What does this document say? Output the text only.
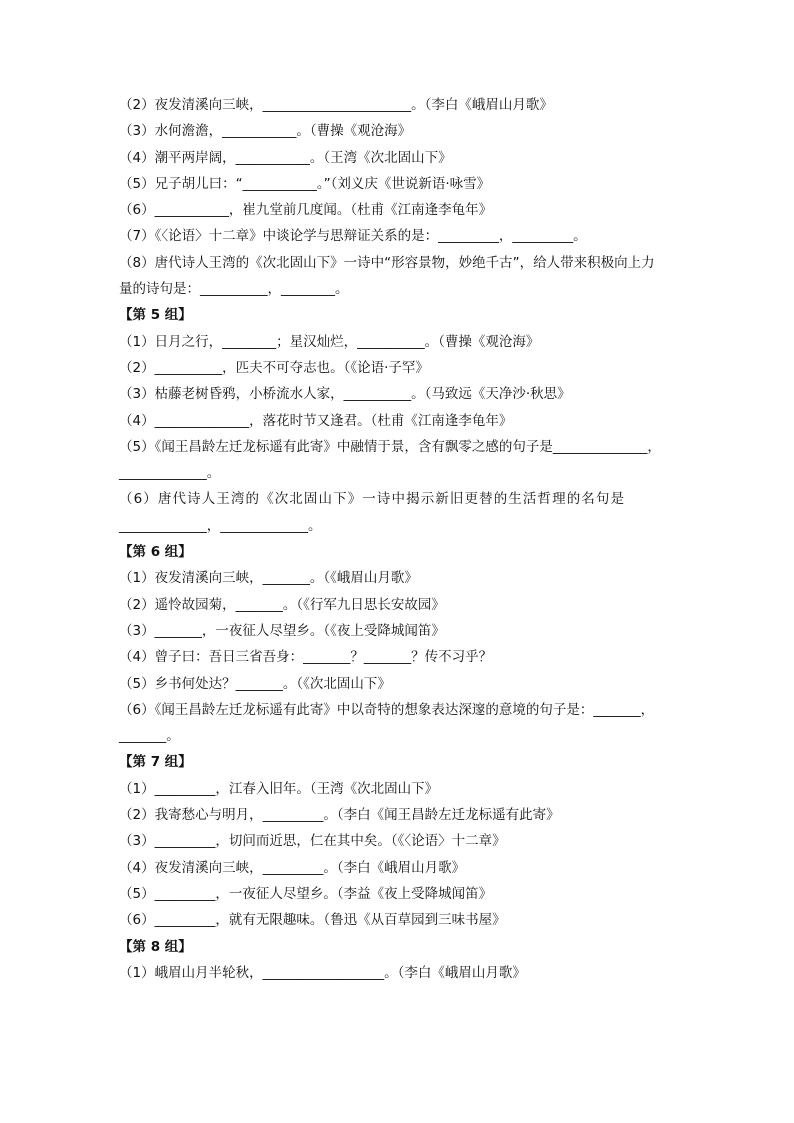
（2）夜发清溪向三峡，______________________。（李白《峨眉山月歌》
（3）水何澹澹，___________。（曹操《观沧海》
（4）潮平两岸阔，___________。（王湾《次北固山下》
（5）兄子胡儿曰：“___________。”（刘义庆《世说新语·咏雪》
（6）___________，崔九堂前几度闻。（杜甫《江南逢李龟年》
（7）《〈论语〉十二章》中谈论学与思辩证关系的是：_________，_________。
（8）唐代诗人王湾的《次北固山下》一诗中“形容景物，妙绝千古”，给人带来积极向上力
量的诗句是：__________，________。
【第 5 组】
（1）日月之行，________；星汉灿烂，__________。（曹操《观沧海》
（2）__________，匹夫不可夺志也。（《论语·子罕》
（3）枯藤老树昏鸦，小桥流水人家，__________。（马致远《天净沙·秋思》
（4）______________，落花时节又逢君。（杜甫《江南逢李龟年》
（5）《闻王昌龄左迁龙标遥有此寄》中融情于景，含有飘零之感的句子是______________，
_____________。
（6）唐代诗人王湾的《次北固山下》一诗中揭示新旧更替的生活哲理的名句是
_____________，_____________。
【第 6 组】
（1）夜发清溪向三峡，_______。（《峨眉山月歌》
（2）遥怜故园菊，_______。（《行军九日思长安故园》
（3）_______，一夜征人尽望乡。（《夜上受降城闻笛》
（4）曾子曰：吾日三省吾身：_______？_______？传不习乎？
（5）乡书何处达？_______。（《次北固山下》
（6）《闻王昌龄左迁龙标遥有此寄》中以奇特的想象表达深邃的意境的句子是：_______，
_______。
【第 7 组】
（1）_________，江春入旧年。（王湾《次北固山下》
（2）我寄愁心与明月，_________。（李白《闻王昌龄左迁龙标遥有此寄》
（3）_________，切问而近思，仁在其中矣。（《〈论语〉十二章》
（4）夜发清溪向三峡，_________。（李白《峨眉山月歌》
（5）_________，一夜征人尽望乡。（李益《夜上受降城闻笛》
（6）_________，就有无限趣味。（鲁迅《从百草园到三味书屋》
【第 8 组】
（1）峨眉山月半轮秋，__________________。（李白《峨眉山月歌》
